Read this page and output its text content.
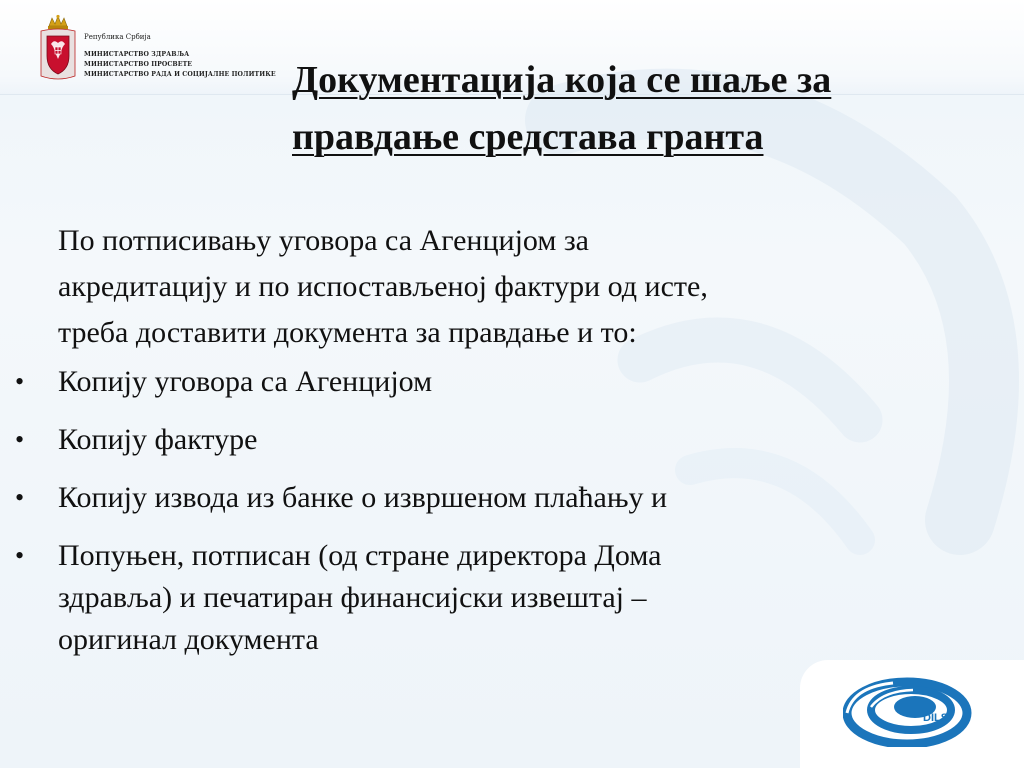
Република Србија
МИНИСТАРСТВО ЗДРАВЉА
МИНИСТАРСТВО ПРОСВЕТЕ
МИНИСТАРСТВО РАДА И СОЦИЈАЛНЕ ПОЛИТИКЕ Документација која се шаље за
правдање средстава гранта

По потписивању уговора са Агенцијом за
акредитацију и по испостављеној фактури од исте,
треба доставити документа за правдање и то:

• Копију уговора са Агенцијом
• Копију фактуре
• Копију извода из банке о извршеном плаћању и
• Попуњен, потписан (од стране директора Дома
здравља) и печатиран финансијски извештај –
оригинал документа
DILS
